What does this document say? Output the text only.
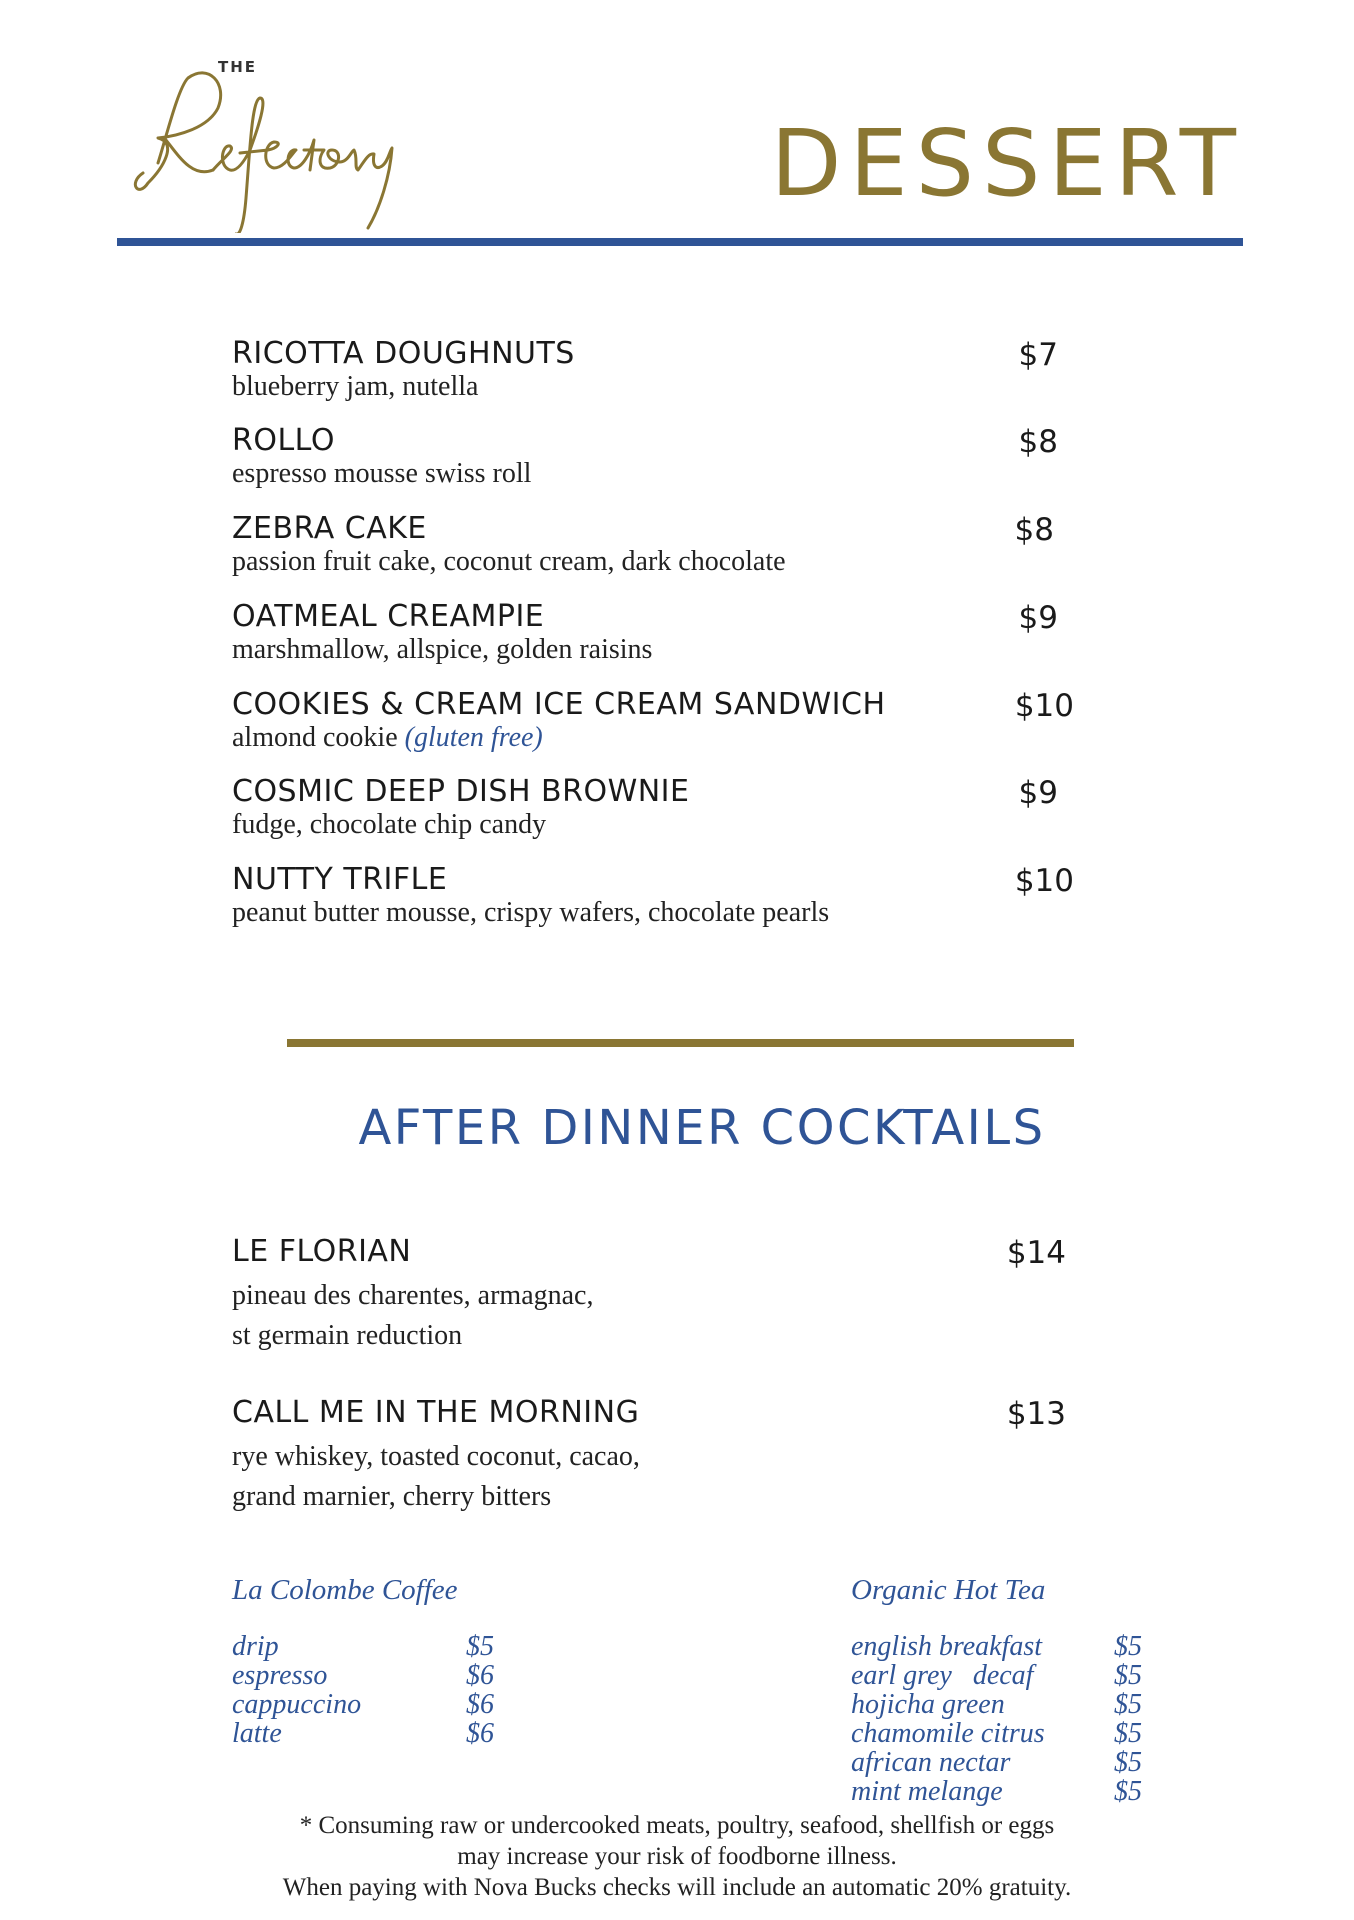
THE
DESSERT
RICOTTA DOUGHNUTS
blueberry jam, nutella
$7
ROLLO
espresso mousse swiss roll
$8
ZEBRA CAKE
passion fruit cake, coconut cream, dark chocolate
$8
OATMEAL CREAMPIE
marshmallow, allspice, golden raisins
$9
COOKIES & CREAM ICE CREAM SANDWICH
almond cookie (gluten free)
$10
COSMIC DEEP DISH BROWNIE
fudge, chocolate chip candy
$9
NUTTY TRIFLE
peanut butter mousse, crispy wafers, chocolate pearls
$10
AFTER DINNER COCKTAILS
LE FLORIAN
pineau des charentes, armagnac,
st germain reduction
$14
CALL ME IN THE MORNING
rye whiskey, toasted coconut, cacao,
grand marnier, cherry bitters
$13
La Colombe Coffee
drip	$5
espresso	$6
cappuccino	$6
latte	$6
Organic Hot Tea
english breakfast	$5
earl grey   decaf	$5
hojicha green	$5
chamomile citrus $5
african nectar	$5
mint melange	$5
* Consuming raw or undercooked meats, poultry, seafood, shellfish or eggs
may increase your risk of foodborne illness.
When paying with Nova Bucks checks will include an automatic 20% gratuity.
